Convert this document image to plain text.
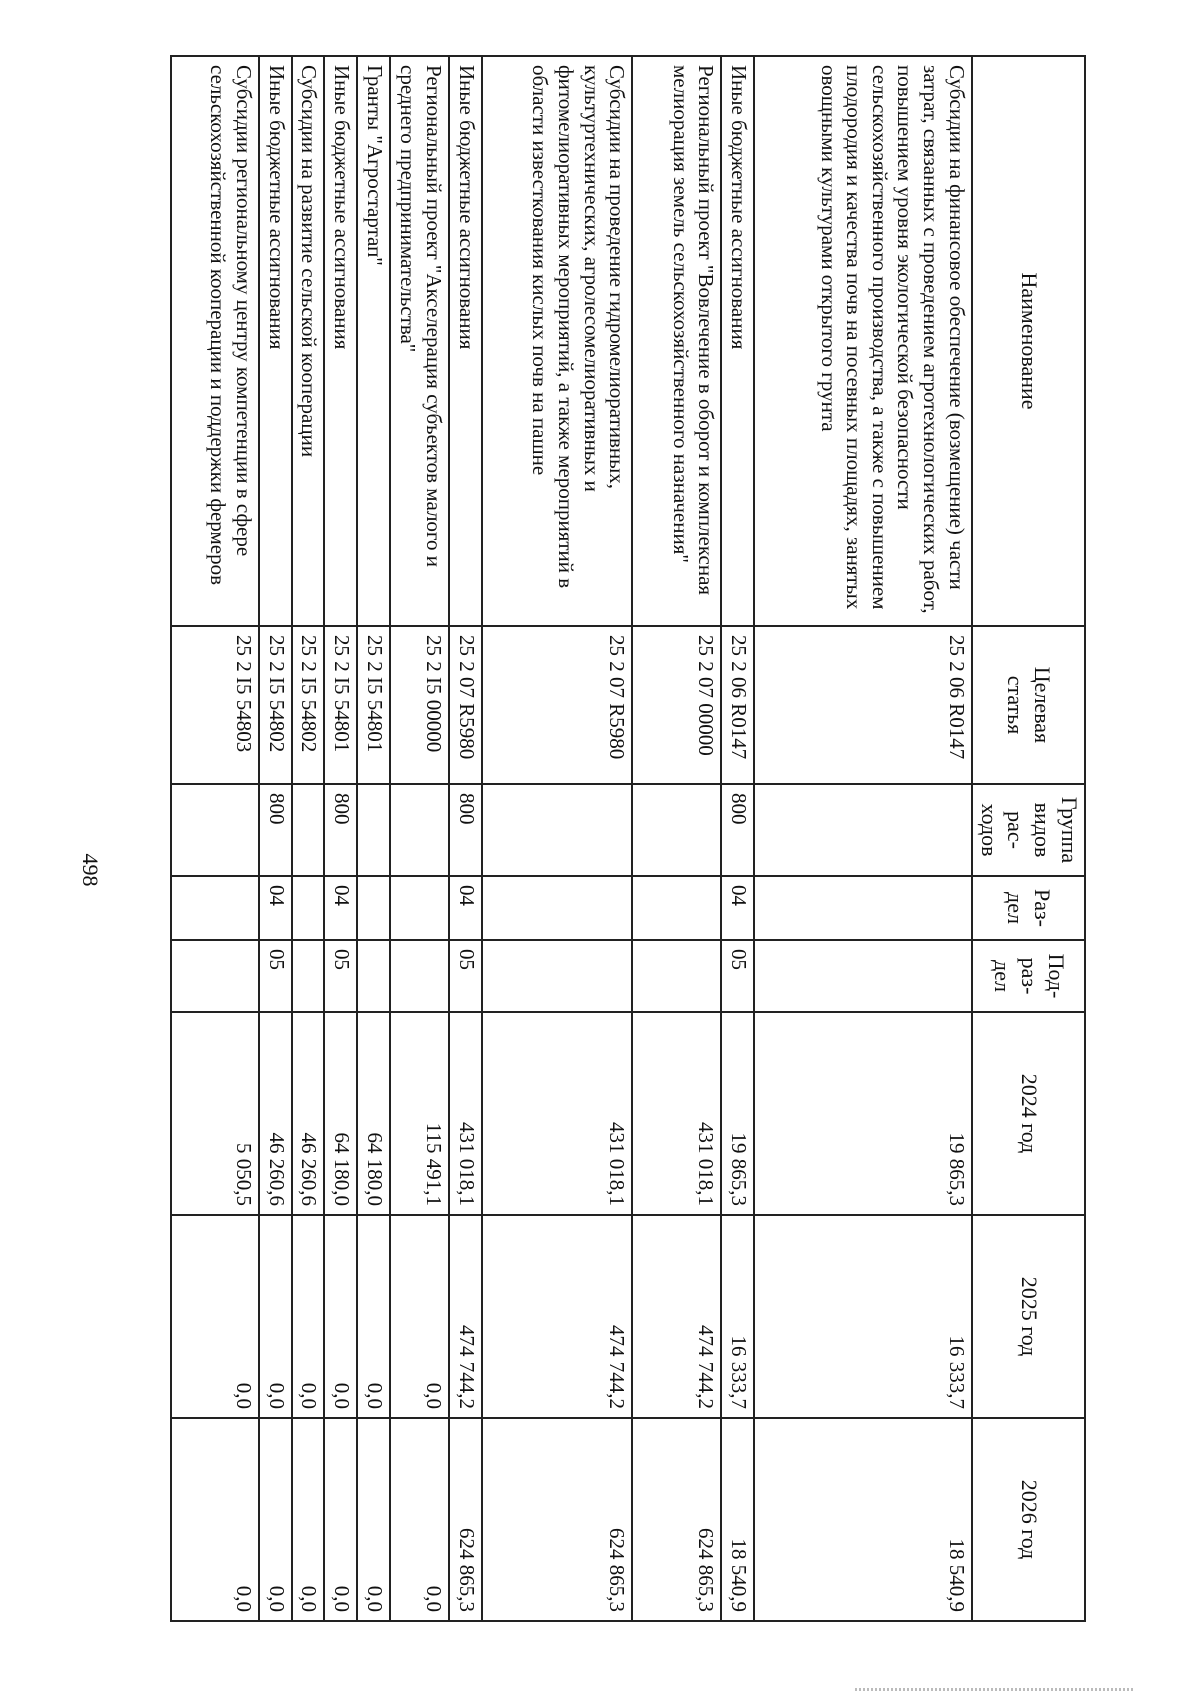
498
Наименование	Целевая статья	Группа видов рас-ходов	Раз-дел	Под-раз-дел	2024 год	2025 год	2026 год
Субсидии на финансовое обеспечение (возмещение) части затрат, связанных с проведением агротехнологических работ, повышением уровня экологической безопасности сельскохозяйственного производства, а также с повышением плодородия и качества почв на посевных площадях, занятых овощными культурами открытого грунта	25 2 06 R0147				19 865,3	16 333,7	18 540,9
Иные бюджетные ассигнования	25 2 06 R0147	800	04	05	19 865,3	16 333,7	18 540,9
Региональный проект "Вовлечение в оборот и комплексная мелиорация земель сельскохозяйственного назначения"	25 2 07 00000				431 018,1	474 744,2	624 865,3
Субсидии на проведение гидромелиоративных, культуртехнических, агролесомелиоративных и фитомелиоративных мероприятий, а также мероприятий в области известкования кислых почв на пашне	25 2 07 R5980				431 018,1	474 744,2	624 865,3
Иные бюджетные ассигнования	25 2 07 R5980	800	04	05	431 018,1	474 744,2	624 865,3
Региональный проект "Акселерация субъектов малого и среднего предпринимательства"	25 2 I5 00000				115 491,1	0,0	0,0
Гранты "Агростартап"	25 2 I5 54801				64 180,0	0,0	0,0
Иные бюджетные ассигнования	25 2 I5 54801	800	04	05	64 180,0	0,0	0,0
Субсидии на развитие сельской кооперации	25 2 I5 54802				46 260,6	0,0	0,0
Иные бюджетные ассигнования	25 2 I5 54802	800	04	05	46 260,6	0,0	0,0
Субсидии региональному центру компетенции в сфере сельскохозяйственной кооперации и поддержки фермеров	25 2 I5 54803				5 050,5	0,0	0,0
